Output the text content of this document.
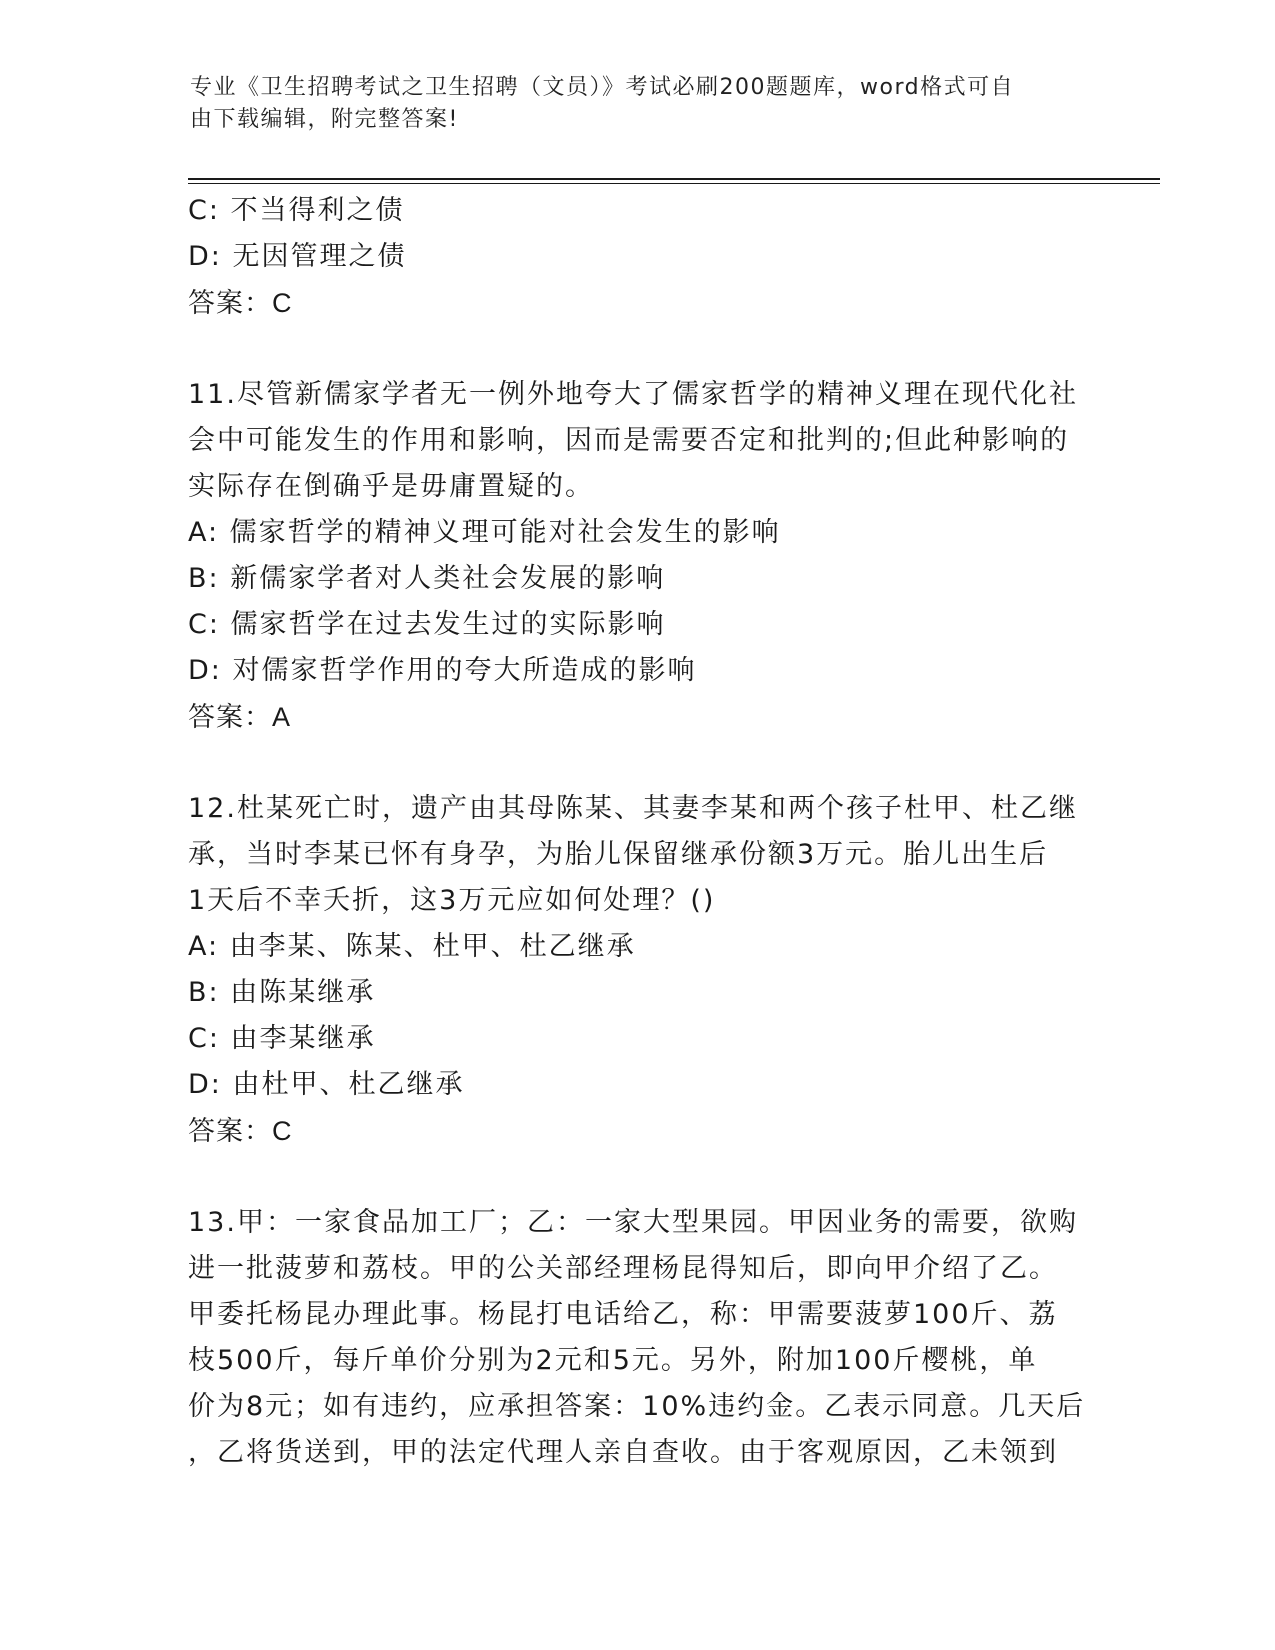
专业《卫生招聘考试之卫生招聘（文员）》考试必刷200题题库，word格式可自
由下载编辑，附完整答案!
C: 不当得利之债
D: 无因管理之债
答案：C
11.尽管新儒家学者无一例外地夸大了儒家哲学的精神义理在现代化社
会中可能发生的作用和影响，因而是需要否定和批判的;但此种影响的
实际存在倒确乎是毋庸置疑的。
A: 儒家哲学的精神义理可能对社会发生的影响
B: 新儒家学者对人类社会发展的影响
C: 儒家哲学在过去发生过的实际影响
D: 对儒家哲学作用的夸大所造成的影响
答案：A
12.杜某死亡时，遗产由其母陈某、其妻李某和两个孩子杜甲、杜乙继
承，当时李某已怀有身孕，为胎儿保留继承份额3万元。胎儿出生后
1天后不幸夭折，这3万元应如何处理？()
A: 由李某、陈某、杜甲、杜乙继承
B: 由陈某继承
C: 由李某继承
D: 由杜甲、杜乙继承
答案：C
13.甲：一家食品加工厂；乙：一家大型果园。甲因业务的需要，欲购
进一批菠萝和荔枝。甲的公关部经理杨昆得知后，即向甲介绍了乙。
甲委托杨昆办理此事。杨昆打电话给乙，称：甲需要菠萝100斤、荔
枝500斤，每斤单价分别为2元和5元。另外，附加100斤樱桃，单
价为8元；如有违约，应承担答案：10%违约金。乙表示同意。几天后
，乙将货送到，甲的法定代理人亲自查收。由于客观原因，乙未领到
